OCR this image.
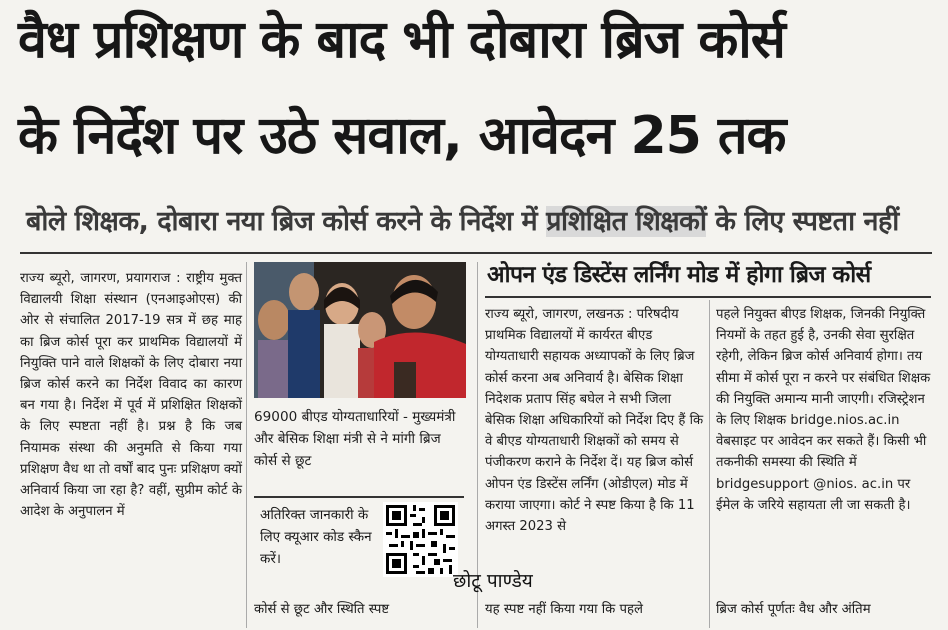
वैध प्रशिक्षण के बाद भी दोबारा ब्रिज कोर्स
के निर्देश पर उठे सवाल, आवेदन 25 तक
बोले शिक्षक, दोबारा नया ब्रिज कोर्स करने के निर्देश में प्रशिक्षित शिक्षकों के लिए स्पष्टता नहीं
राज्य ब्यूरो, जागरण, प्रयागराज : राष्ट्रीय मुक्त विद्यालयी शिक्षा संस्थान (एनआइओएस) की ओर से संचालित 2017-19 सत्र में छह माह का ब्रिज कोर्स पूरा कर प्राथमिक विद्यालयों में नियुक्ति पाने वाले शिक्षकों के लिए दोबारा नया ब्रिज कोर्स करने का निर्देश विवाद का कारण बन गया है। निर्देश में पूर्व में प्रशिक्षित शिक्षकों के लिए स्पष्टता नहीं है। प्रश्न है कि जब नियामक संस्था की अनुमति से किया गया प्रशिक्षण वैध था तो वर्षों बाद पुनः प्रशिक्षण क्यों अनिवार्य किया जा रहा है? वहीं, सुप्रीम कोर्ट के आदेश के अनुपालन में
69000 बीएड योग्यताधारियों - मुख्यमंत्री और बेसिक शिक्षा मंत्री से ने मांगी ब्रिज कोर्स से छूट
अतिरिक्त जानकारी के लिए क्यूआर कोड स्कैन करें।
ओपन एंड डिस्टेंस लर्निंग मोड में होगा ब्रिज कोर्स
राज्य ब्यूरो, जागरण, लखनऊ : परिषदीय प्राथमिक विद्यालयों में कार्यरत बीएड योग्यताधारी सहायक अध्यापकों के लिए ब्रिज कोर्स करना अब अनिवार्य है। बेसिक शिक्षा निदेशक प्रताप सिंह बघेल ने सभी जिला बेसिक शिक्षा अधिकारियों को निर्देश दिए हैं कि वे बीएड योग्यताधारी शिक्षकों को समय से पंजीकरण कराने के निर्देश दें। यह ब्रिज कोर्स ओपन एंड डिस्टेंस लर्निंग (ओडीएल) मोड में कराया जाएगा। कोर्ट ने स्पष्ट किया है कि 11 अगस्त 2023 से
पहले नियुक्त बीएड शिक्षक, जिनकी नियुक्ति नियमों के तहत हुई है, उनकी सेवा सुरक्षित रहेगी, लेकिन ब्रिज कोर्स अनिवार्य होगा। तय सीमा में कोर्स पूरा न करने पर संबंधित शिक्षक की नियुक्ति अमान्य मानी जाएगी। रजिस्ट्रेशन के लिए शिक्षक bridge.nios.ac.in वेबसाइट पर आवेदन कर सकते हैं। किसी भी तकनीकी समस्या की स्थिति में bridgesupport @nios. ac.in पर ईमेल के जरिये सहायता ली जा सकती है।
कोर्स से छूट और स्थिति स्पष्ट	यह स्पष्ट नहीं किया गया कि पहले	ब्रिज कोर्स पूर्णतः वैध और अंतिम
छोटू पाण्डेय
